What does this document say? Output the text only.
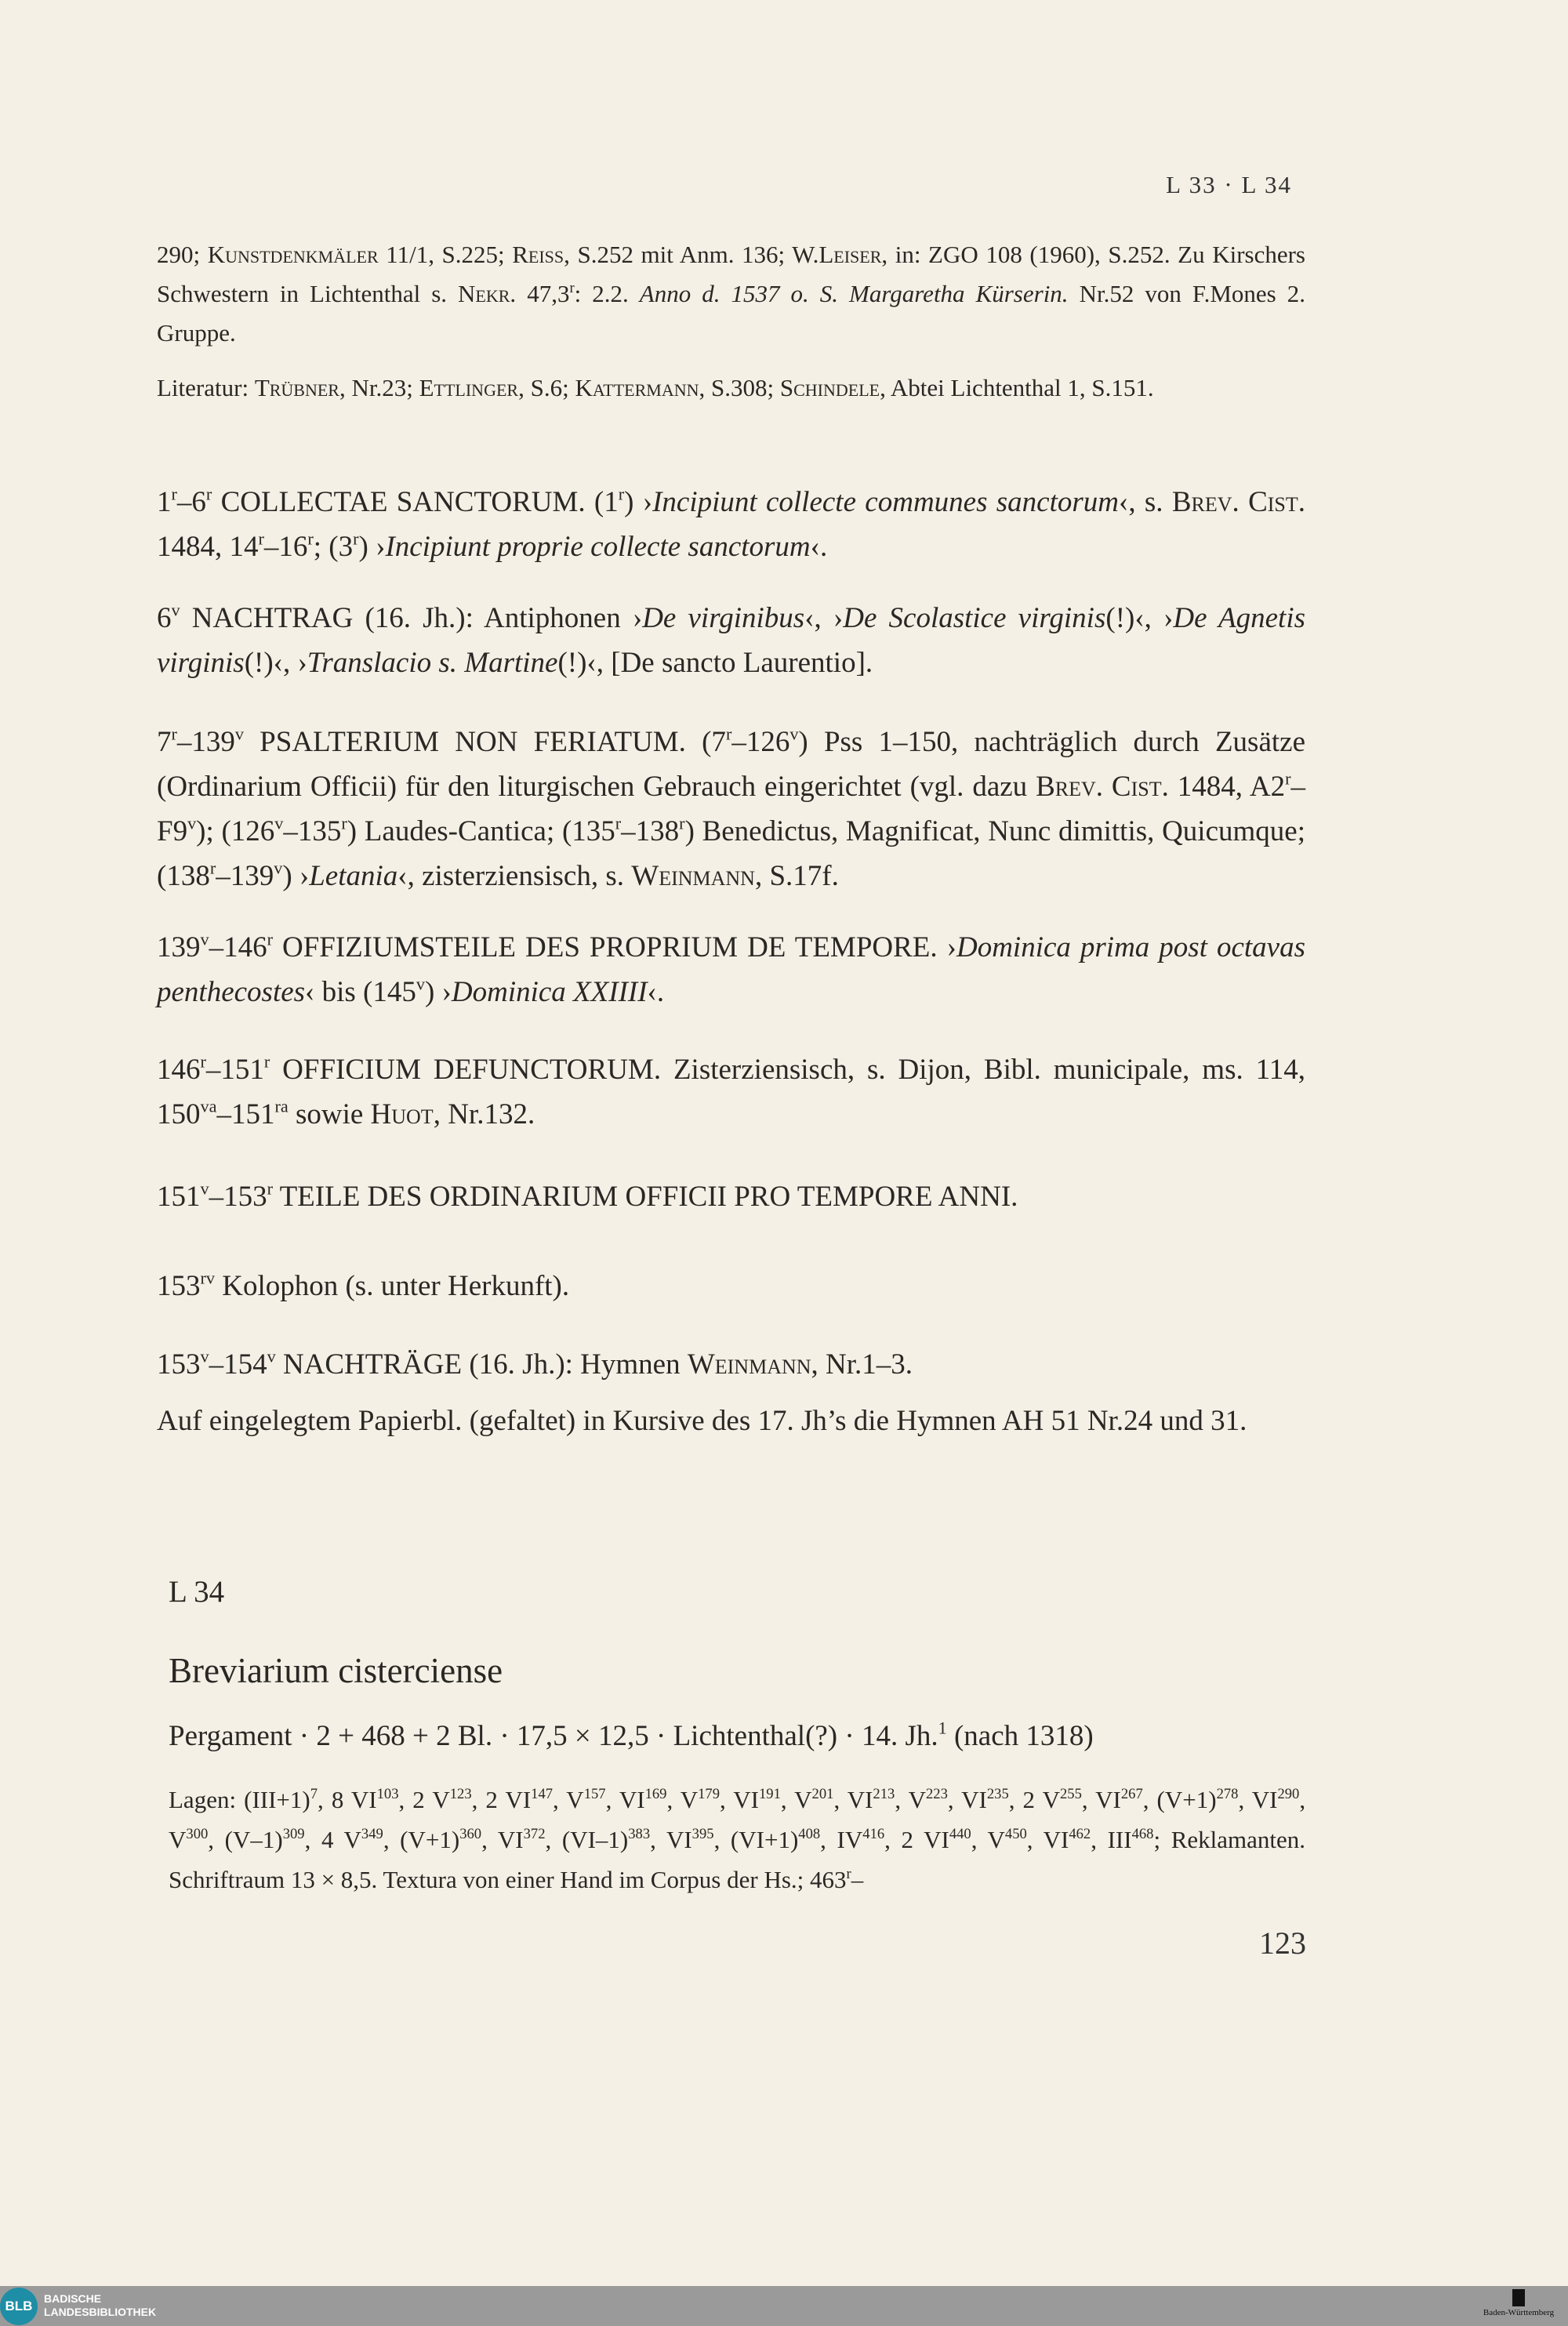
L 33 · L 34

290; Kunstdenkmäler 11/1, S.225; Reiss, S.252 mit Anm. 136; W.Leiser, in: ZGO 108 (1960), S.252. Zu Kirschers Schwestern in Lichtenthal s. Nekr. 47,3$^r$: 2.2. Anno d. 1537 o. S. Margaretha Kürserin. Nr.52 von F.Mones 2. Gruppe.

Literatur: Trübner, Nr.23; Ettlinger, S.6; Kattermann, S.308; Schindele, Abtei Lichtenthal 1, S.151.

1$^r$–6$^r$ COLLECTAE SANCTORUM. (1$^r$) ›Incipiunt collecte communes sanctorum‹, s. Brev. Cist. 1484, 14$^r$–16$^r$; (3$^r$) ›Incipiunt proprie collecte sanctorum‹.

6$^v$ NACHTRAG (16. Jh.): Antiphonen ›De virginibus‹, ›De Scolastice virginis(!)‹, ›De Agnetis virginis(!)‹, ›Translacio s. Martine(!)‹, [De sancto Laurentio].

7$^r$–139$^v$ PSALTERIUM NON FERIATUM. (7$^r$–126$^v$) Pss 1–150, nachträglich durch Zusätze (Ordinarium Officii) für den liturgischen Gebrauch eingerichtet (vgl. dazu Brev. Cist. 1484, A2$^r$–F9$^v$); (126$^v$–135$^r$) Laudes-Cantica; (135$^r$–138$^r$) Benedictus, Magnificat, Nunc dimittis, Quicumque; (138$^r$–139$^v$) ›Letania‹, zisterziensisch, s. Weinmann, S.17f.

139$^v$–146$^r$ OFFIZIUMSTEILE DES PROPRIUM DE TEMPORE. ›Dominica prima post octavas penthecostes‹ bis (145$^v$) ›Dominica XXIIII‹.

146$^r$–151$^r$ OFFICIUM DEFUNCTORUM. Zisterziensisch, s. Dijon, Bibl. municipale, ms. 114, $150^{va}-151^{ra}$ sowie Huot, Nr.132.

151$^v$–153$^r$ TEILE DES ORDINARIUM OFFICII PRO TEMPORE ANNI.

$153^{rv}$ Kolophon (s. unter Herkunft).

153$^v$–154$^v$ NACHTRÄGE (16. Jh.): Hymnen Weinmann, Nr.1–3.

Auf eingelegtem Papierbl. (gefaltet) in Kursive des 17. Jh’s die Hymnen AH 51 Nr.24 und 31.

L 34
Breviarium cisterciense

Pergament · 2 + 468 + 2 Bl. · 17,5 × 12,5 · Lichtenthal(?) · 14. Jh.$^1$ (nach 1318)

Lagen: $(III+1)^7$, 8 VI$^{103}$, 2 $V^{123}$, 2 VI$^{147}$, $V^{157}$, VI$^{169}$, $V^{179}$, VI$^{191}$, $V^{201}$, VI$^{213}$, $V^{223}$, VI$^{235}$, 2 $V^{255}$, VI$^{267}$, $(V+1)^{278}$, VI$^{290}$, $V^{300}$, $(V-1)^{309}$, 4 $V^{349}$, $(V+1)^{360}$, VI$^{372}$, $(VI-1)^{383}$, VI$^{395}$, $(VI+1)^{408}$, IV$^{416}$, 2 VI$^{440}$, $V^{450}$, VI$^{462}$, III$^{468}$; Reklamanten. Schriftraum 13 × 8,5. Textura von einer Hand im Corpus der Hs.; 463$^r$–

123
BLB	BADISCHE
LANDESBIBLIOTHEK	Baden-Württemberg
